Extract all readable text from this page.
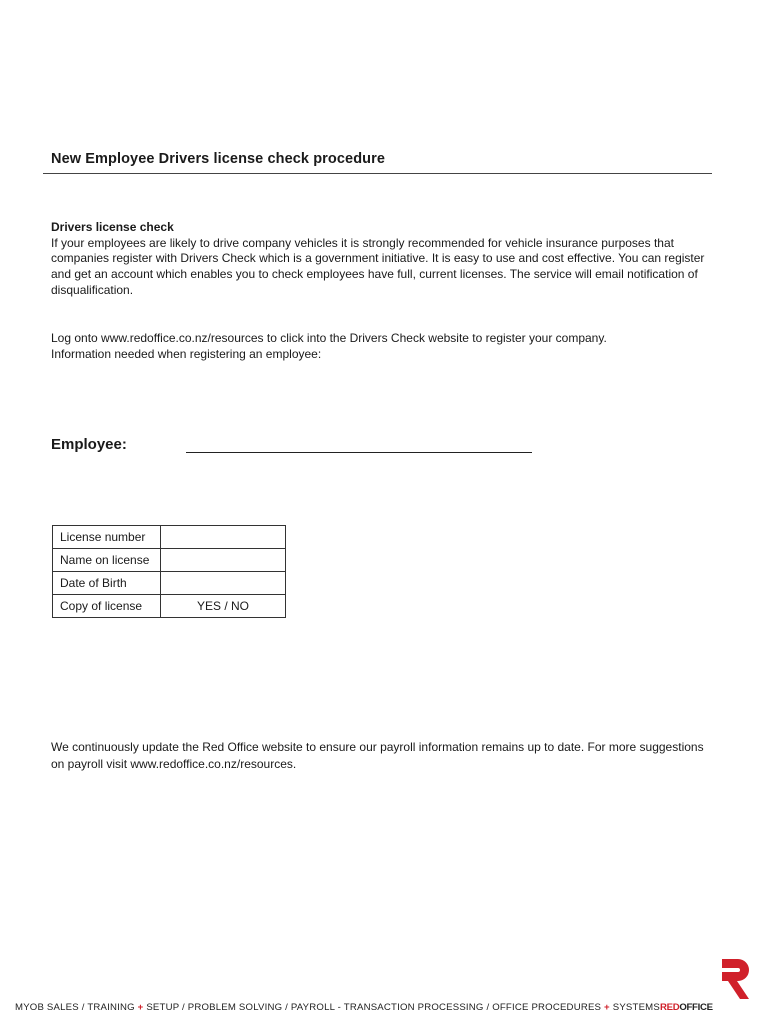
New Employee Drivers license check procedure
Drivers license check
If your employees are likely to drive company vehicles it is strongly recommended for vehicle insurance purposes that companies register with Drivers Check which is a government initiative. It is easy to use and cost effective. You can register and get an account which enables you to check employees have full, current licenses. The service will email notification of disqualification.
Log onto www.redoffice.co.nz/resources to click into the Drivers Check website to register your company.
Information needed when registering an employee:
Employee:
License number	
Name on license	
Date of Birth	
Copy of license	YES / NO
We continuously update the Red Office website to ensure our payroll information remains up to date. For more suggestions on payroll visit www.redoffice.co.nz/resources.
MYOB SALES / TRAINING + SETUP / PROBLEM SOLVING / PAYROLL - TRANSACTION PROCESSING / OFFICE PROCEDURES + SYSTEMSREDOFFICE
